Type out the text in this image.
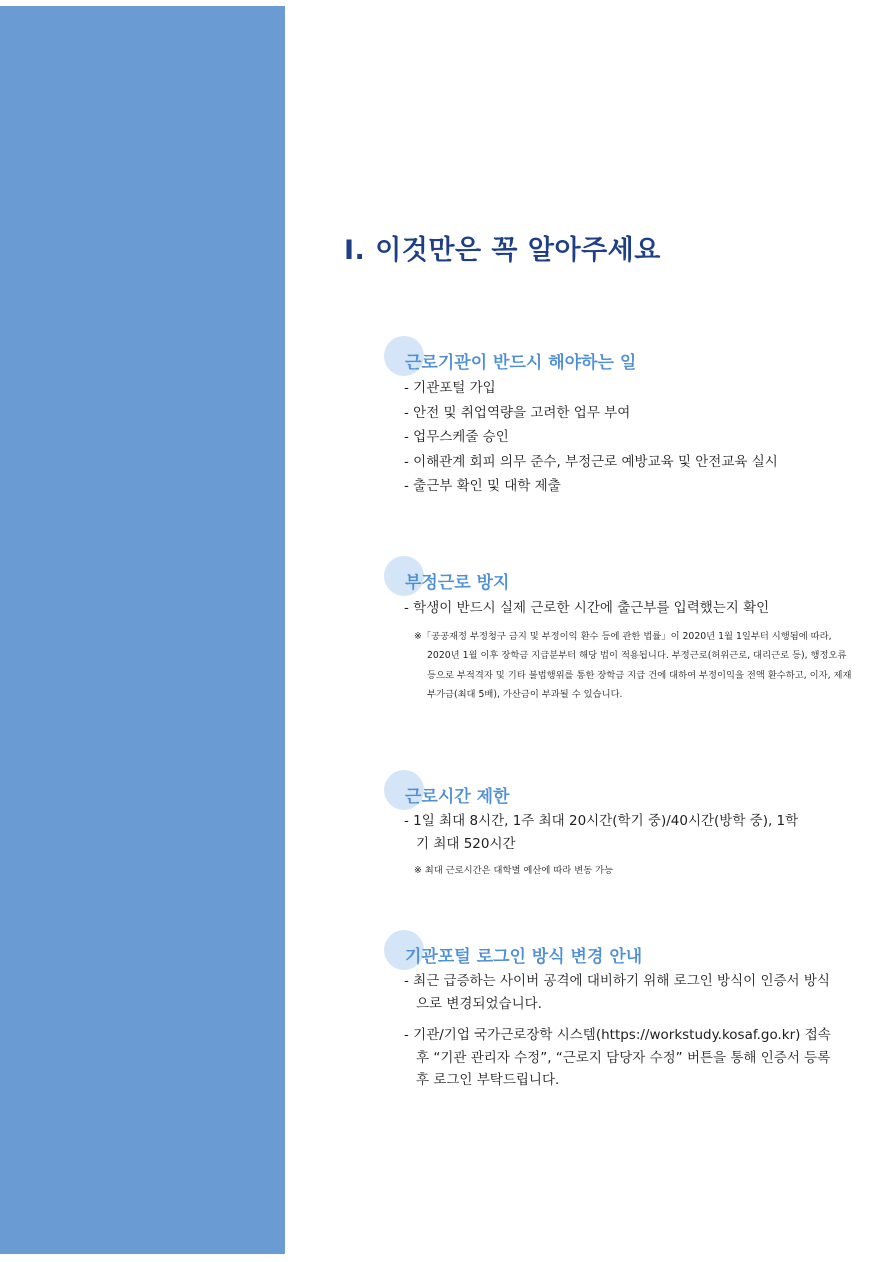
Ⅰ. 이것만은 꼭 알아주세요
근로기관이 반드시 해야하는 일
- 기관포털 가입
- 안전 및 취업역량을 고려한 업무 부여
- 업무스케줄 승인
- 이해관계 회피 의무 준수, 부정근로 예방교육 및 안전교육 실시
- 출근부 확인 및 대학 제출
부정근로 방지
- 학생이 반드시 실제 근로한 시간에 출근부를 입력했는지 확인

※「공공재정 부정청구 금지 및 부정이익 환수 등에 관한 법률」이 2020년 1월 1일부터 시행됨에 따라, 2020년 1월 이후 장학금 지급분부터 해당 법이 적용됩니다. 부정근로(허위근로, 대리근로 등), 행정오류 등으로 부적격자 및 기타 불법행위를 통한 장학금 지급 건에 대하여 부정이익을 전액 환수하고, 이자, 제재부가금(최대 5배), 가산금이 부과될 수 있습니다.

근로시간 제한
- 1일 최대 8시간, 1주 최대 20시간(학기 중)/40시간(방학 중), 1학기 최대 520시간

※ 최대 근로시간은 대학별 예산에 따라 변동 가능

기관포털 로그인 방식 변경 안내
- 최근 급증하는 사이버 공격에 대비하기 위해 로그인 방식이 인증서 방식으로 변경되었습니다.
- 기관/기업 국가근로장학 시스템(https://workstudy.kosaf.go.kr) 접속 후 “기관 관리자 수정”, “근로지 담당자 수정” 버튼을 통해 인증서 등록 후 로그인 부탁드립니다.
